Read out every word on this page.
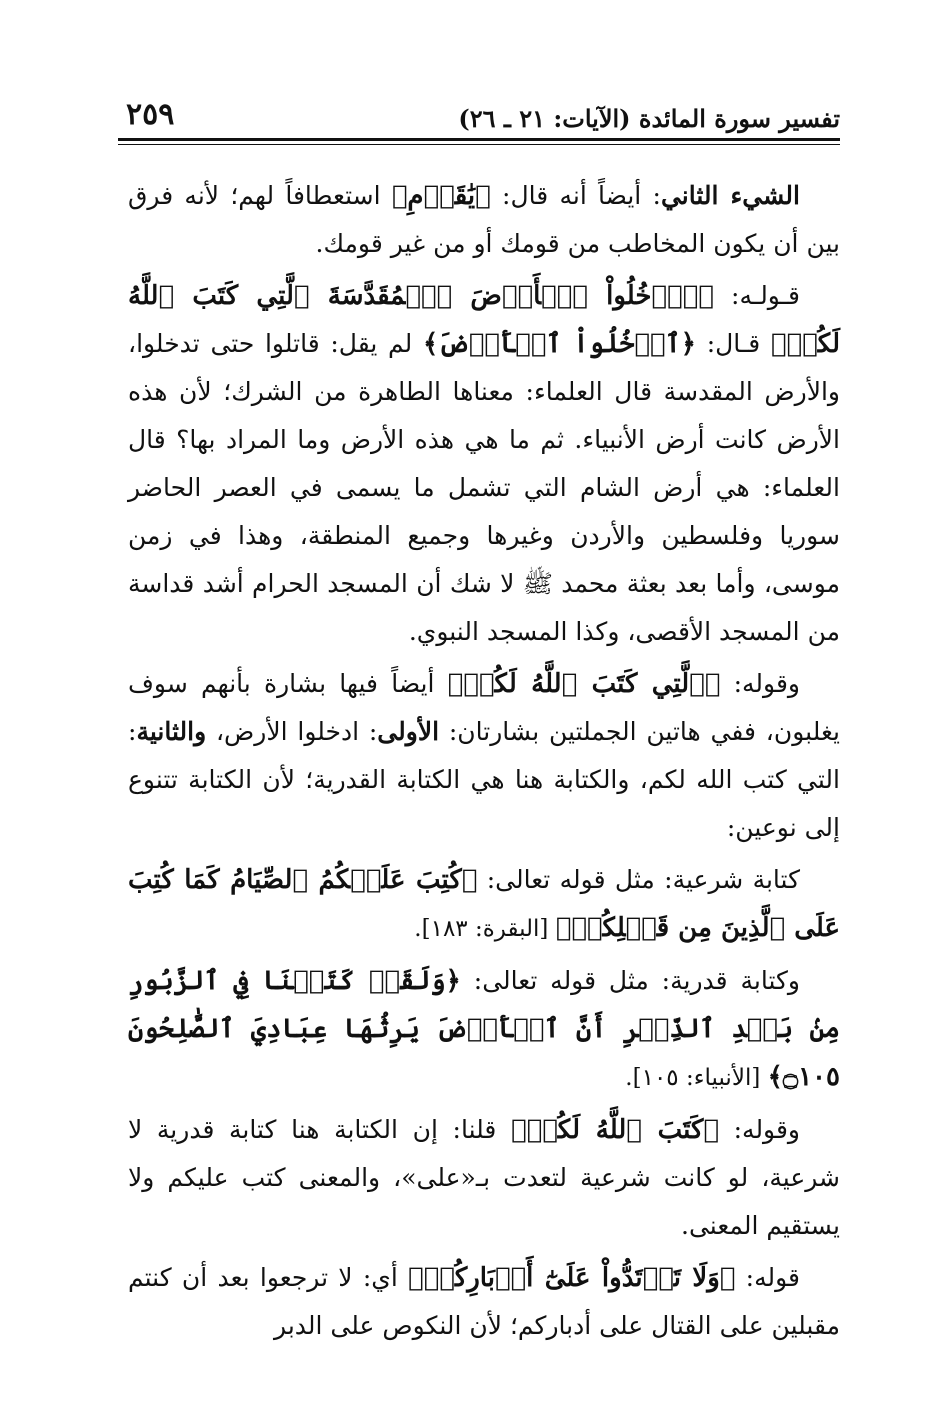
تفسير سورة المائدة (الآيات: ٢١ ـ ٢٦)
٢٥٩

الشيء الثاني: أيضاً أنه قال: ﴿يَٰقَوۡمِ﴾ استعطافاً لهم؛ لأنه فرق بين أن يكون المخاطب من قومك أو من غير قومك.

قـولـه: ﴿ٱدۡخُلُواْ ٱلۡأَرۡضَ ٱلۡمُقَدَّسَةَ ٱلَّتِي كَتَبَ ٱللَّهُ لَكُمۡ﴾ قـال: ﴿ٱدۡخُلُواْ ٱلۡأَرۡضَ﴾ لم يقل: قاتلوا حتى تدخلوا، والأرض المقدسة قال العلماء: معناها الطاهرة من الشرك؛ لأن هذه الأرض كانت أرض الأنبياء. ثم ما هي هذه الأرض وما المراد بها؟ قال العلماء: هي أرض الشام التي تشمل ما يسمى في العصر الحاضر سوريا وفلسطين والأردن وغيرها وجميع المنطقة، وهذا في زمن موسى، وأما بعد بعثة محمد ﷺ لا شك أن المسجد الحرام أشد قداسة من المسجد الأقصى، وكذا المسجد النبوي.

وقوله: ﴿ٱلَّتِي كَتَبَ ٱللَّهُ لَكُمۡ﴾ أيضاً فيها بشارة بأنهم سوف يغلبون، ففي هاتين الجملتين بشارتان: الأولى: ادخلوا الأرض، والثانية: التي كتب الله لكم، والكتابة هنا هي الكتابة القدرية؛ لأن الكتابة تتنوع إلى نوعين:

كتابة شرعية: مثل قوله تعالى: ﴿كُتِبَ عَلَيۡكُمُ ٱلصِّيَامُ كَمَا كُتِبَ عَلَى ٱلَّذِينَ مِن قَبۡلِكُمۡ﴾ [البقرة: ١٨٣].

وكتابة قدرية: مثل قوله تعالى: ﴿وَلَقَدۡ كَتَبۡنَا فِي ٱلزَّبُورِ مِنۢ بَعۡدِ ٱلذِّكۡرِ أَنَّ ٱلۡأَرۡضَ يَرِثُهَا عِبَادِيَ ٱلصَّٰلِحُونَ ۝١٠٥﴾ [الأنبياء: ١٠٥].

وقوله: ﴿كَتَبَ ٱللَّهُ لَكُمۡ﴾ قلنا: إن الكتابة هنا كتابة قدرية لا شرعية، لو كانت شرعية لتعدت بـ«على»، والمعنى كتب عليكم ولا يستقيم المعنى.

قوله: ﴿وَلَا تَرۡتَدُّواْ عَلَىٰٓ أَدۡبَارِكُمۡ﴾ أي: لا ترجعوا بعد أن كنتم مقبلين على القتال على أدباركم؛ لأن النكوص على الدبر
